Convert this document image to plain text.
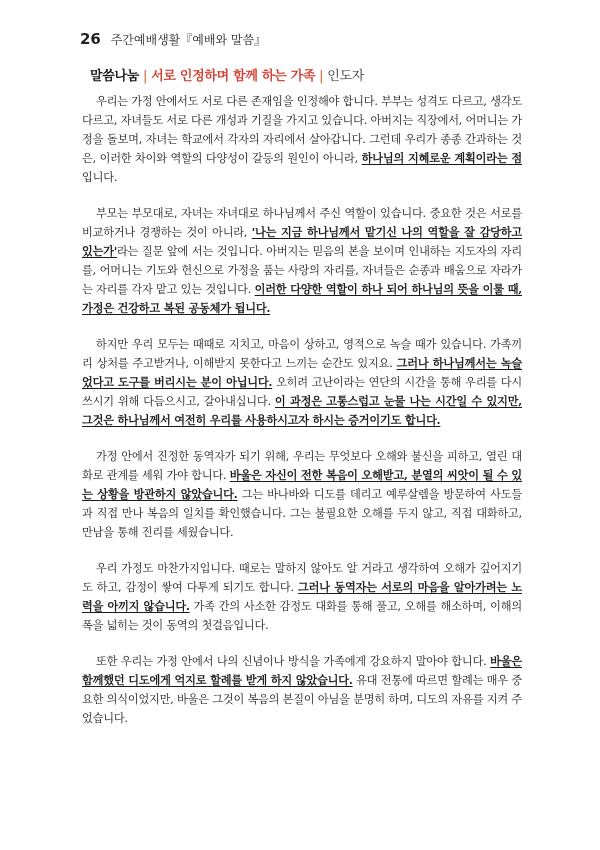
26 주간예배생활『예배와 말씀』
말씀나눔 | 서로 인정하며 함께 하는 가족 | 인도자

우리는 가정 안에서도 서로 다른 존재임을 인정해야 합니다. 부부는 성격도 다르고, 생각도 다르고, 자녀들도 서로 다른 개성과 기질을 가지고 있습니다. 아버지는 직장에서, 어머니는 가정을 돌보며, 자녀는 학교에서 각자의 자리에서 살아갑니다. 그런데 우리가 종종 간과하는 것은, 이러한 차이와 역할의 다양성이 갈등의 원인이 아니라, 하나님의 지혜로운 계획이라는 점입니다.

부모는 부모대로, 자녀는 자녀대로 하나님께서 주신 역할이 있습니다. 중요한 것은 서로를 비교하거나 경쟁하는 것이 아니라, '나는 지금 하나님께서 맡기신 나의 역할을 잘 감당하고 있는가'라는 질문 앞에 서는 것입니다. 아버지는 믿음의 본을 보이며 인내하는 지도자의 자리를, 어머니는 기도와 헌신으로 가정을 품는 사랑의 자리를, 자녀들은 순종과 배움으로 자라가는 자리를 각자 맡고 있는 것입니다. 이러한 다양한 역할이 하나 되어 하나님의 뜻을 이룰 때, 가정은 건강하고 복된 공동체가 됩니다.

하지만 우리 모두는 때때로 지치고, 마음이 상하고, 영적으로 녹슬 때가 있습니다. 가족끼리 상처를 주고받거나, 이해받지 못한다고 느끼는 순간도 있지요. 그러나 하나님께서는 녹슬었다고 도구를 버리시는 분이 아닙니다. 오히려 고난이라는 연단의 시간을 통해 우리를 다시 쓰시기 위해 다듬으시고, 갈아내십니다. 이 과정은 고통스럽고 눈물 나는 시간일 수 있지만, 그것은 하나님께서 여전히 우리를 사용하시고자 하시는 증거이기도 합니다.

가정 안에서 진정한 동역자가 되기 위해, 우리는 무엇보다 오해와 불신을 피하고, 열린 대화로 관계를 세워 가야 합니다. 바울은 자신이 전한 복음이 오해받고, 분열의 씨앗이 될 수 있는 상황을 방관하지 않았습니다. 그는 바나바와 디도를 데리고 예루살렘을 방문하여 사도들과 직접 만나 복음의 일치를 확인했습니다. 그는 불필요한 오해를 두지 않고, 직접 대화하고, 만남을 통해 진리를 세웠습니다.

우리 가정도 마찬가지입니다. 때로는 말하지 않아도 알 거라고 생각하여 오해가 깊어지기도 하고, 감정이 쌓여 다투게 되기도 합니다. 그러나 동역자는 서로의 마음을 알아가려는 노력을 아끼지 않습니다. 가족 간의 사소한 감정도 대화를 통해 풀고, 오해를 해소하며, 이해의 폭을 넓히는 것이 동역의 첫걸음입니다.

또한 우리는 가정 안에서 나의 신념이나 방식을 가족에게 강요하지 말아야 합니다. 바울은 함께했던 디도에게 억지로 할례를 받게 하지 않았습니다. 유대 전통에 따르면 할례는 매우 중요한 의식이었지만, 바울은 그것이 복음의 본질이 아님을 분명히 하며, 디도의 자유를 지켜 주었습니다.
